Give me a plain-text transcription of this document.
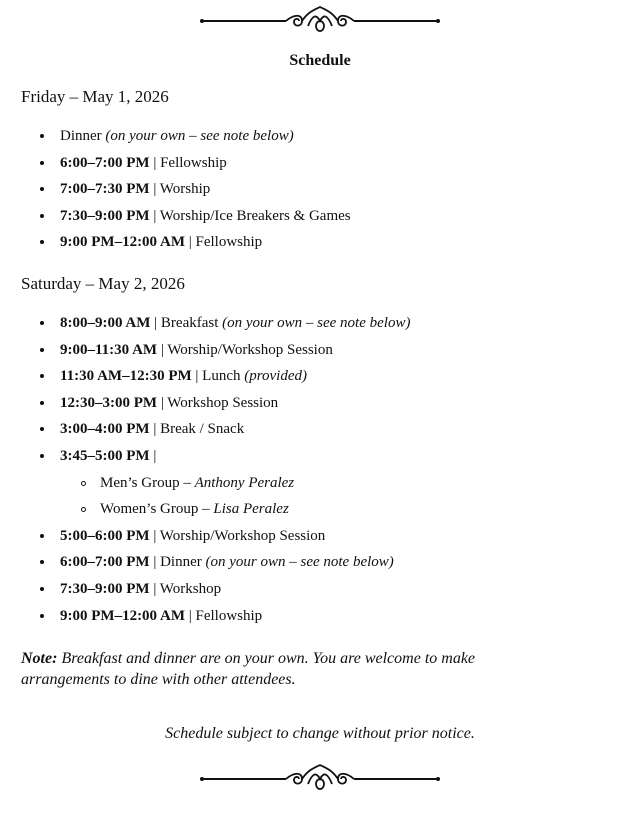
Schedule
Friday – May 1, 2026
Dinner (on your own – see note below)
6:00–7:00 PM | Fellowship
7:00–7:30 PM | Worship
7:30–9:00 PM | Worship/Ice Breakers & Games
9:00 PM–12:00 AM | Fellowship
Saturday – May 2, 2026
8:00–9:00 AM | Breakfast (on your own – see note below)
9:00–11:30 AM | Worship/Workshop Session
11:30 AM–12:30 PM | Lunch (provided)
12:30–3:00 PM | Workshop Session
3:00–4:00 PM | Break / Snack
3:45–5:00 PM |
Men’s Group – Anthony Peralez
Women’s Group – Lisa Peralez
5:00–6:00 PM | Worship/Workshop Session
6:00–7:00 PM | Dinner (on your own – see note below)
7:30–9:00 PM | Workshop
9:00 PM–12:00 AM | Fellowship
Note: Breakfast and dinner are on your own. You are welcome to make arrangements to dine with other attendees.
Schedule subject to change without prior notice.
